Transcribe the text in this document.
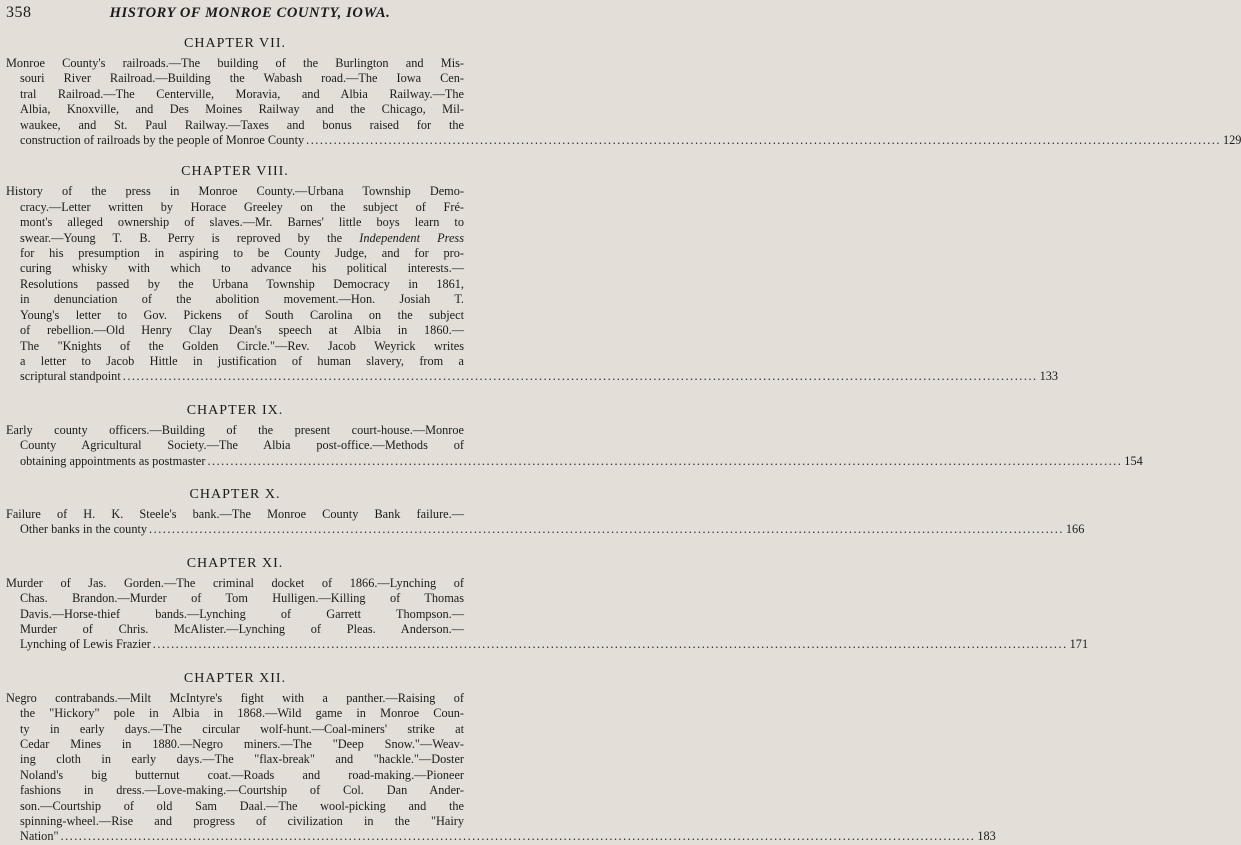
358	HISTORY OF MONROE COUNTY, IOWA.
CHAPTER VII.
Monroe County's railroads.—The building of the Burlington and Mis-
souri River Railroad.—Building the Wabash road.—The Iowa Cen-
tral Railroad.—The Centerville, Moravia, and Albia Railway.—The
Albia, Knoxville, and Des Moines Railway and the Chicago, Mil-
waukee, and St. Paul Railway.—Taxes and bonus raised for the
construction of railroads by the people of Monroe County ........................................................................................................................................................................................................ 129
CHAPTER VIII.
History of the press in Monroe County.—Urbana Township Demo-
cracy.—Letter written by Horace Greeley on the subject of Fré-
mont's alleged ownership of slaves.—Mr. Barnes' little boys learn to
swear.—Young T. B. Perry is reproved by the Independent Press
for his presumption in aspiring to be County Judge, and for pro-
curing whisky with which to advance his political interests.—
Resolutions passed by the Urbana Township Democracy in 1861,
in denunciation of the abolition movement.—Hon. Josiah T.
Young's letter to Gov. Pickens of South Carolina on the subject
of rebellion.—Old Henry Clay Dean's speech at Albia in 1860.—
The "Knights of the Golden Circle."—Rev. Jacob Weyrick writes
a letter to Jacob Hittle in justification of human slavery, from a
scriptural standpoint ........................................................................................................................................................................................................ 133
CHAPTER IX.
Early county officers.—Building of the present court-house.—Monroe
County Agricultural Society.—The Albia post-office.—Methods of
obtaining appointments as postmaster ........................................................................................................................................................................................................ 154
CHAPTER X.
Failure of H. K. Steele's bank.—The Monroe County Bank failure.—
Other banks in the county ........................................................................................................................................................................................................ 166
CHAPTER XI.
Murder of Jas. Gorden.—The criminal docket of 1866.—Lynching of
Chas. Brandon.—Murder of Tom Hulligen.—Killing of Thomas
Davis.—Horse-thief bands.—Lynching of Garrett Thompson.—
Murder of Chris. McAlister.—Lynching of Pleas. Anderson.—
Lynching of Lewis Frazier ........................................................................................................................................................................................................ 171
CHAPTER XII.
Negro contrabands.—Milt McIntyre's fight with a panther.—Raising of
the "Hickory" pole in Albia in 1868.—Wild game in Monroe Coun-
ty in early days.—The circular wolf-hunt.—Coal-miners' strike at
Cedar Mines in 1880.—Negro miners.—The "Deep Snow."—Weav-
ing cloth in early days.—The "flax-break" and "hackle."—Doster
Noland's big butternut coat.—Roads and road-making.—Pioneer
fashions in dress.—Love-making.—Courtship of Col. Dan Ander-
son.—Courtship of old Sam Daal.—The wool-picking and the
spinning-wheel.—Rise and progress of civilization in the "Hairy
Nation" ........................................................................................................................................................................................................ 183
